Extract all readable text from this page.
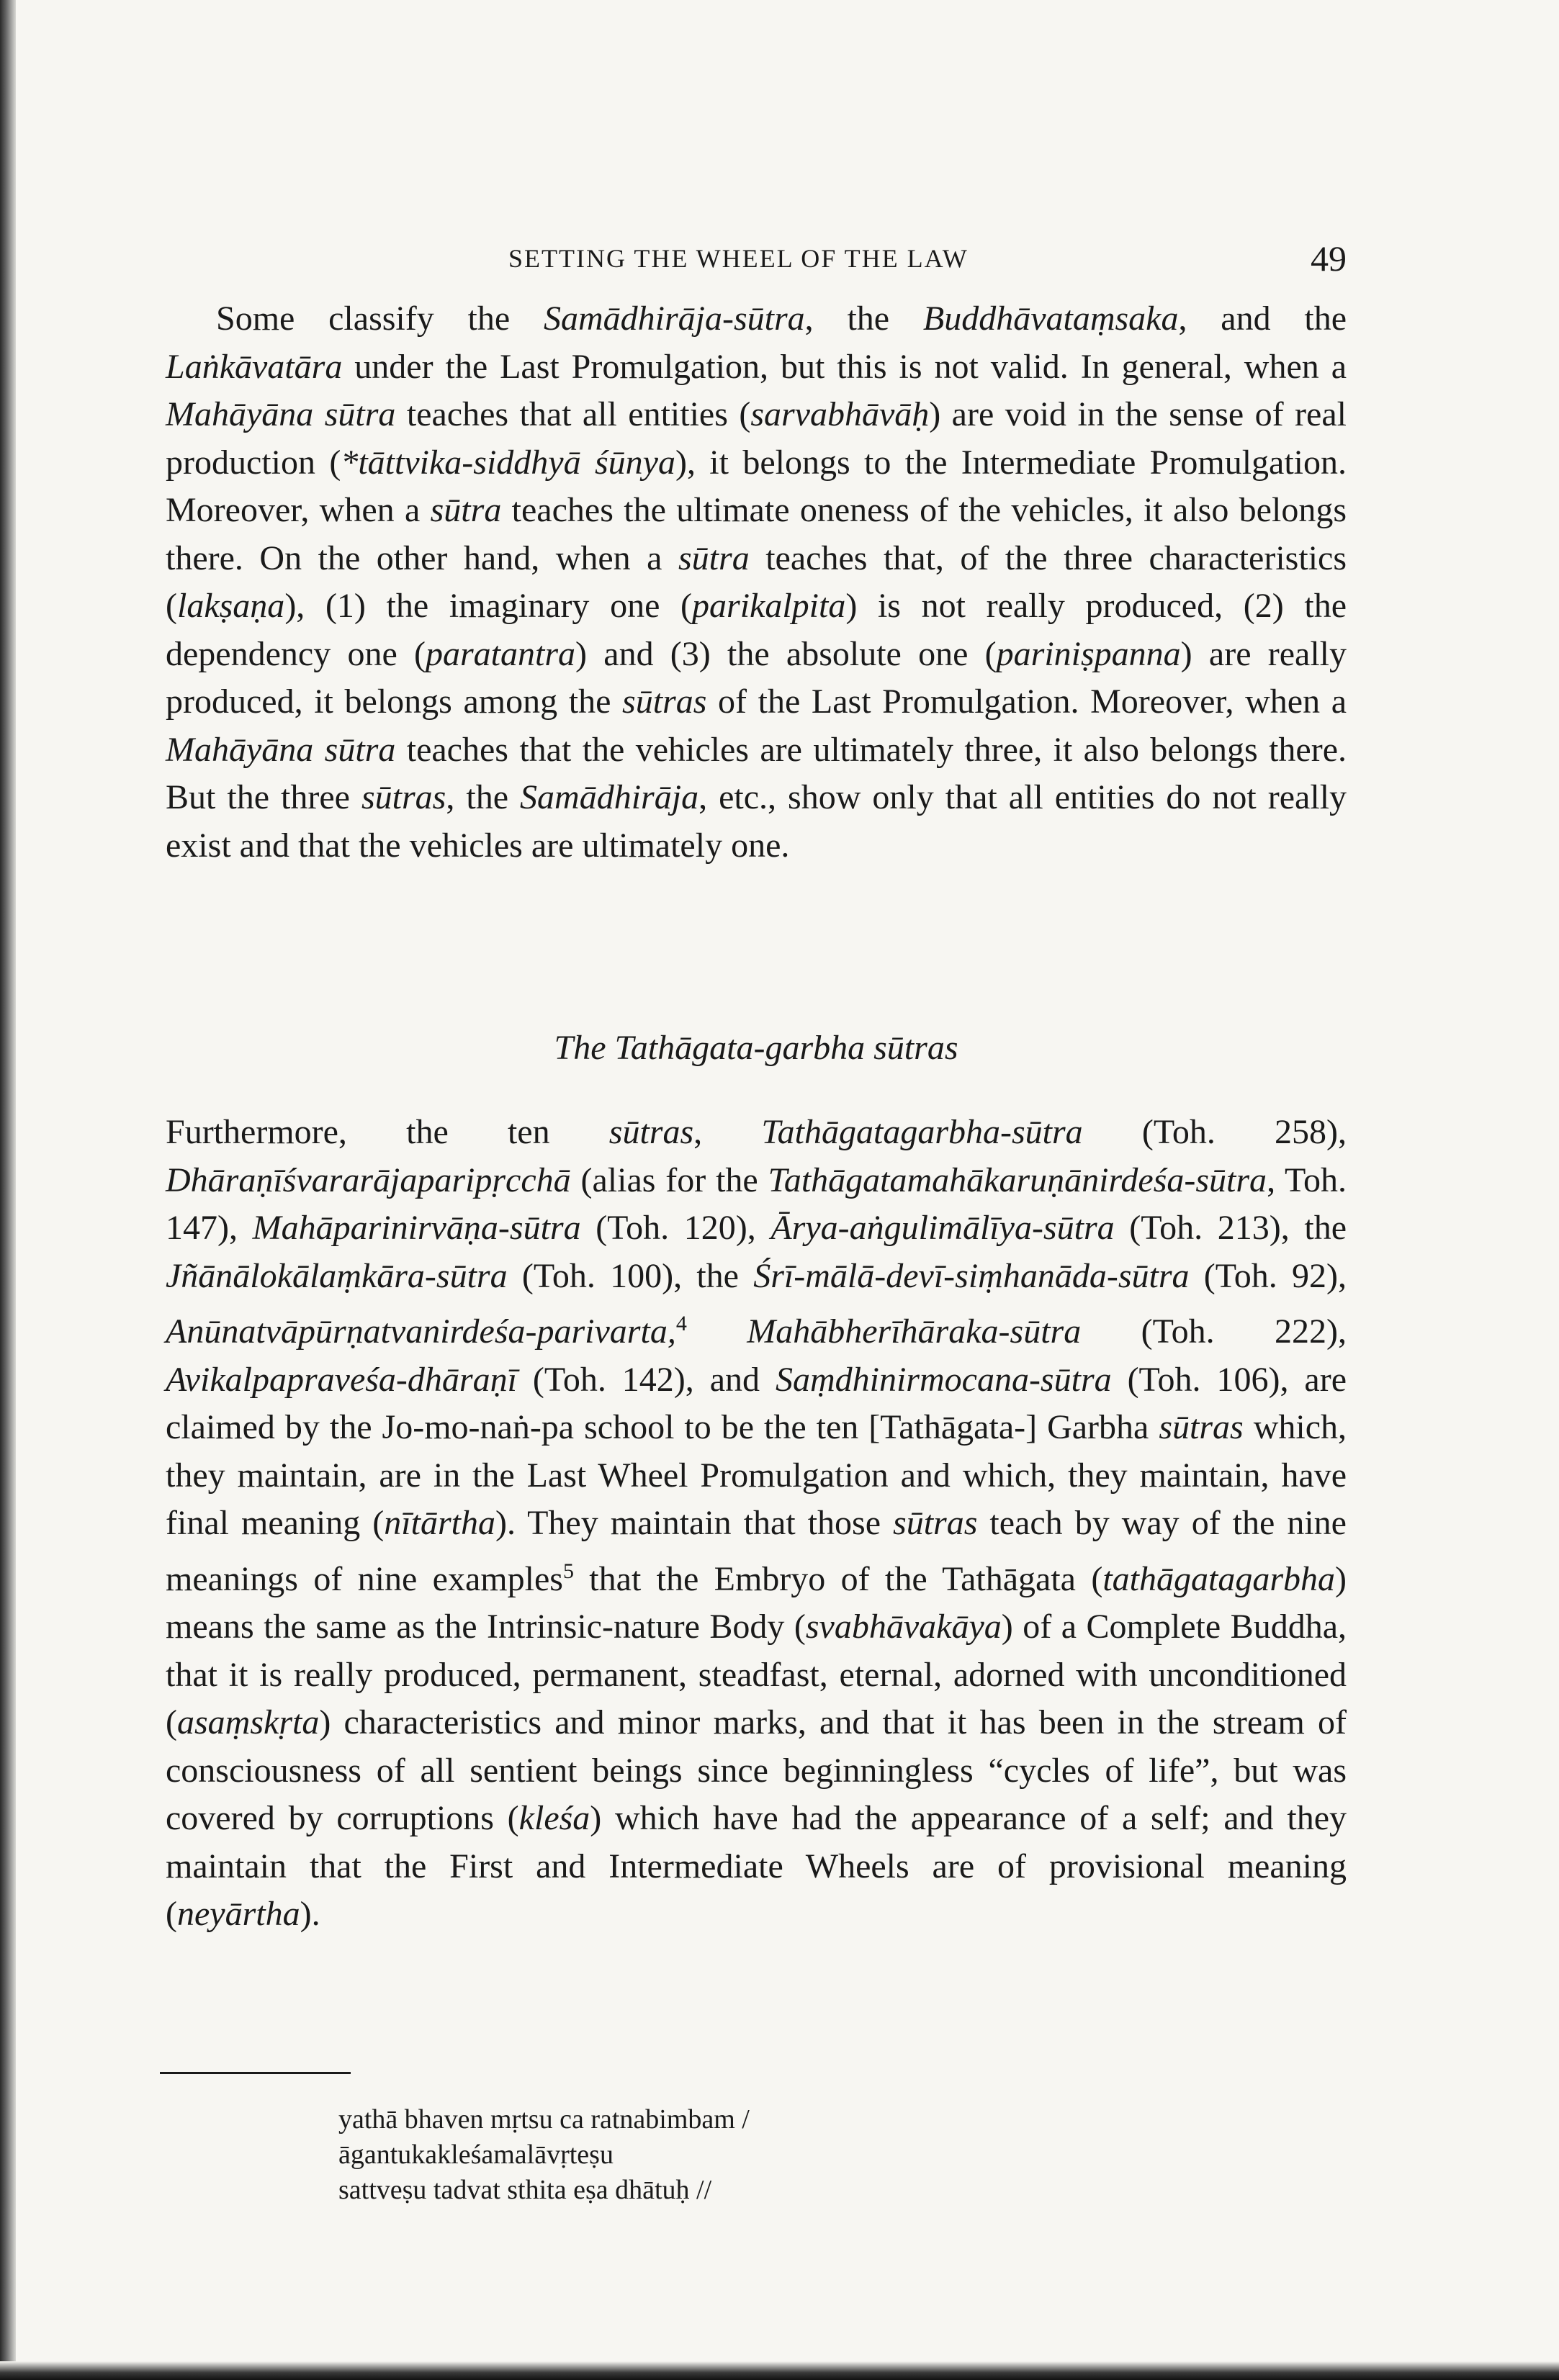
SETTING THE WHEEL OF THE LAW	49

Some classify the Samādhirāja-sūtra, the Buddhāvataṃsaka, and the Laṅkāvatāra under the Last Promulgation, but this is not valid. In general, when a Mahāyāna sūtra teaches that all entities (sarvabhāvāḥ) are void in the sense of real production (*tāttvika-siddhyā śūnya), it belongs to the Intermediate Promulgation. Moreover, when a sūtra teaches the ultimate oneness of the vehicles, it also belongs there. On the other hand, when a sūtra teaches that, of the three characteristics (lakṣaṇa), (1) the imaginary one (parikalpita) is not really produced, (2) the dependency one (paratantra) and (3) the absolute one (pariniṣpanna) are really produced, it belongs among the sūtras of the Last Promulgation. Moreover, when a Mahāyāna sūtra teaches that the vehicles are ultimately three, it also belongs there. But the three sūtras, the Samādhirāja, etc., show only that all entities do not really exist and that the vehicles are ultimately one.

The Tathāgata-garbha sūtras

Furthermore, the ten sūtras, Tathāgatagarbha-sūtra (Toh. 258), Dhāraṇīśvararājaparipṛcchā (alias for the Tathāgatamahākaruṇānirdeśa-sūtra, Toh. 147), Mahāparinirvāṇa-sūtra (Toh. 120), Ārya-aṅgulimālīya-sūtra (Toh. 213), the Jñānālokālaṃkāra-sūtra (Toh. 100), the Śrī-mālā-devī-siṃhanāda-sūtra (Toh. 92), Anūnatvāpūrṇatvanirdeśa-parivarta,$^4$ Mahābherīhāraka-sūtra (Toh. 222), Avikalpapraveśa-dhāraṇī (Toh. 142), and Saṃdhinirmocana-sūtra (Toh. 106), are claimed by the Jo-mo-naṅ-pa school to be the ten [Tathāgata-] Garbha sūtras which, they maintain, are in the Last Wheel Promulgation and which, they maintain, have final meaning (nītārtha). They maintain that those sūtras teach by way of the nine meanings of nine examples$^5$ that the Embryo of the Tathāgata (tathāgatagarbha) means the same as the Intrinsic-nature Body (svabhāvakāya) of a Complete Buddha, that it is really produced, permanent, steadfast, eternal, adorned with unconditioned (asaṃskṛta) characteristics and minor marks, and that it has been in the stream of consciousness of all sentient beings since beginningless “cycles of life”, but was covered by corruptions (kleśa) which have had the appearance of a self; and they maintain that the First and Intermediate Wheels are of provisional meaning (neyārtha).

yathā bhaven mṛtsu ca ratnabimbam /
āgantukakleśamalāvṛteṣu
sattveṣu tadvat sthita eṣa dhātuḥ //
